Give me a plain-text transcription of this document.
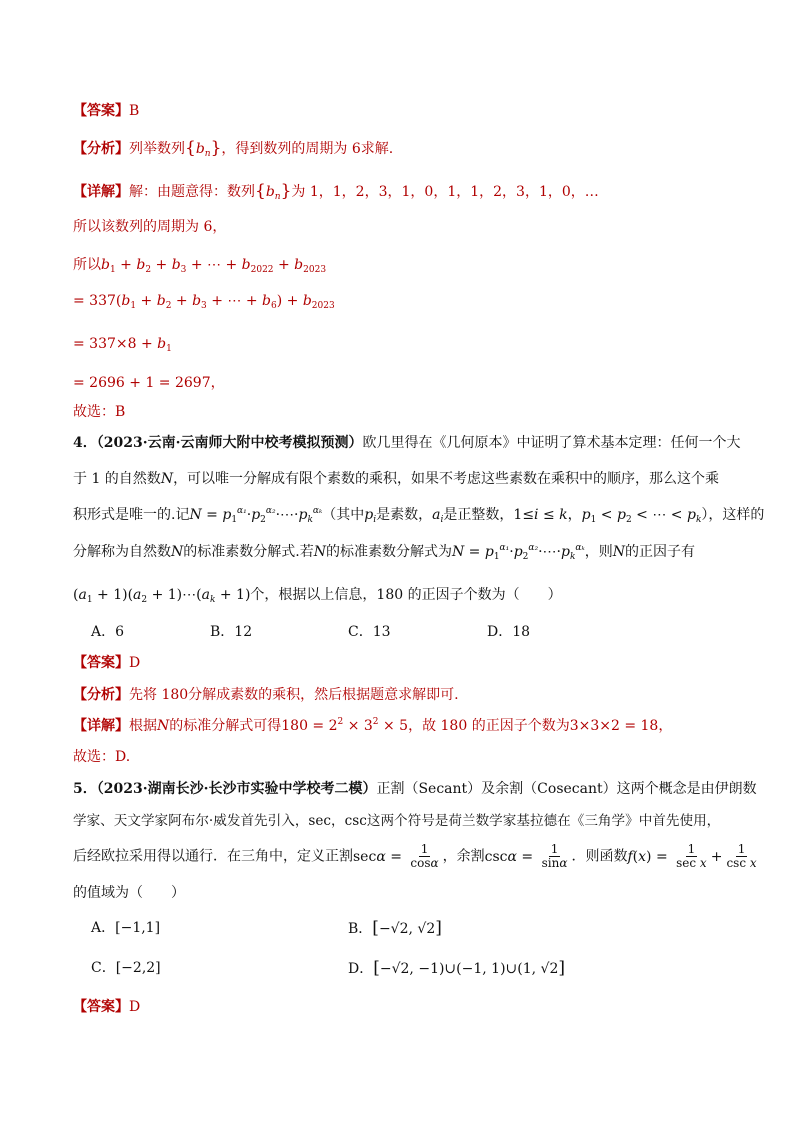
【答案】B
【分析】列举数列$\{b_n\}$，得到数列的周期为 6求解.
【详解】解：由题意得：数列$\{b_n\}$为 1，1，2，3，1，0，1，1，2，3，1，0，…
所以该数列的周期为 6，
所以$b_1 + b_2 + b_3$ + ⋯ + $b_{2022} + b_{2023}$
= $337(b_1 + b_2 + b_3$ + ⋯ + $b_6) + b_{2023}$
= $337\times 8 + b_1$
= 2696 + 1 = 2697，
故选：B
4．（2023·云南·云南师大附中校考模拟预测）欧几里得在《几何原本》中证明了算术基本定理：任何一个大
于 1 的自然数N，可以唯一分解成有限个素数的乘积，如果不考虑这些素数在乘积中的顺序，那么这个乘
积形式是唯一的.记$N = p_1^{\alpha_1}\cdot p_2^{\alpha_2}\cdot\cdots\cdot p_k^{\alpha_k}$（其中$p_i$是素数，$a_i$是正整数，1≤i ≤ k，$p_1 < p_2$ < ⋯ < $p_k$），这样的
分解称为自然数N的标准素数分解式.若N的标准素数分解式为$N = p_1^{\alpha_1}\cdot p_2^{\alpha_2}\cdot\cdots\cdot p_k^{\alpha_k}$，则N的正因子有
$(a_1 + 1)(a_2$ + $1)\cdots(a_k + 1)$个，根据以上信息，180 的正因子个数为（　　）
A．6	B．12	C．13	D．18
【答案】D
【分析】先将 180分解成素数的乘积，然后根据题意求解即可.
【详解】根据N的标准分解式可得$180 = 2^2 \times 3^2 \times 5$，故 180 的正因子个数为3×3×2 = 18，
故选：D.
5．（2023·湖南长沙·长沙市实验中学校考二模）正割（Secant）及余割（Cosecant）这两个概念是由伊朗数
学家、天文学家阿布尔·威发首先引入，sec，csc这两个符号是荷兰数学家基拉德在《三角学》中首先使用，
后经欧拉采用得以通行．在三角中，定义正割$\sec\alpha = \frac{1}{\cos\alpha}$ ，余割$\csc\alpha = \frac{1}{\sin\alpha}$ ．则函数$f(x) = \frac{1}{\text{sec x}} + \frac{1}{\text{csc x}}$
的值域为（　　）
A．[−1,1]	B．[−√2, √2]
C．[−2,2]	D．[−√2, −1)∪(−1, 1)∪(1, √2]
【答案】D
